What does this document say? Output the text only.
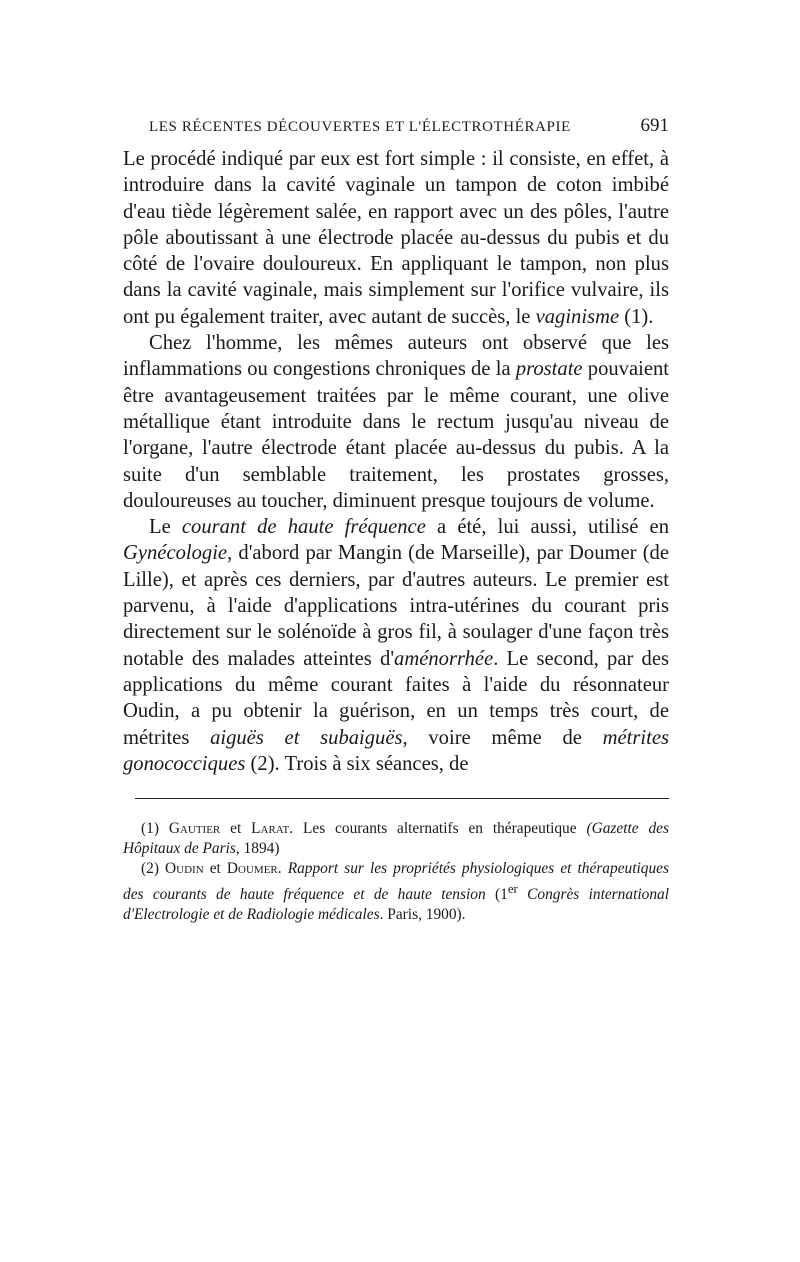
LES RÉCENTES DÉCOUVERTES ET L'ÉLECTROTHÉRAPIE	691

Le procédé indiqué par eux est fort simple : il consiste, en effet, à introduire dans la cavité vaginale un tampon de coton imbibé d'eau tiède légèrement salée, en rapport avec un des pôles, l'autre pôle aboutissant à une électrode placée au-dessus du pubis et du côté de l'ovaire douloureux. En appliquant le tampon, non plus dans la cavité vaginale, mais simplement sur l'orifice vulvaire, ils ont pu également traiter, avec autant de succès, le vaginisme (1).

Chez l'homme, les mêmes auteurs ont observé que les inflammations ou congestions chroniques de la prostate pouvaient être avantageusement traitées par le même courant, une olive métallique étant introduite dans le rectum jusqu'au niveau de l'organe, l'autre électrode étant placée au-dessus du pubis. A la suite d'un semblable traitement, les prostates grosses, douloureuses au toucher, diminuent presque toujours de volume.

Le courant de haute fréquence a été, lui aussi, utilisé en Gynécologie, d'abord par Mangin (de Marseille), par Doumer (de Lille), et après ces derniers, par d'autres auteurs. Le premier est parvenu, à l'aide d'applications intra-utérines du courant pris directement sur le solénoïde à gros fil, à soulager d'une façon très notable des malades atteintes d'aménorrhée. Le second, par des applications du même courant faites à l'aide du résonnateur Oudin, a pu obtenir la guérison, en un temps très court, de métrites aiguës et subaiguës, voire même de métrites gonococciques (2). Trois à six séances, de

(1) Gautier et Larat. Les courants alternatifs en thérapeutique (Gazette des Hôpitaux de Paris, 1894)

(2) Oudin et Doumer. Rapport sur les propriétés physiologiques et thérapeutiques des courants de haute fréquence et de haute tension (1er Congrès international d'Electrologie et de Radiologie médicales. Paris, 1900).
